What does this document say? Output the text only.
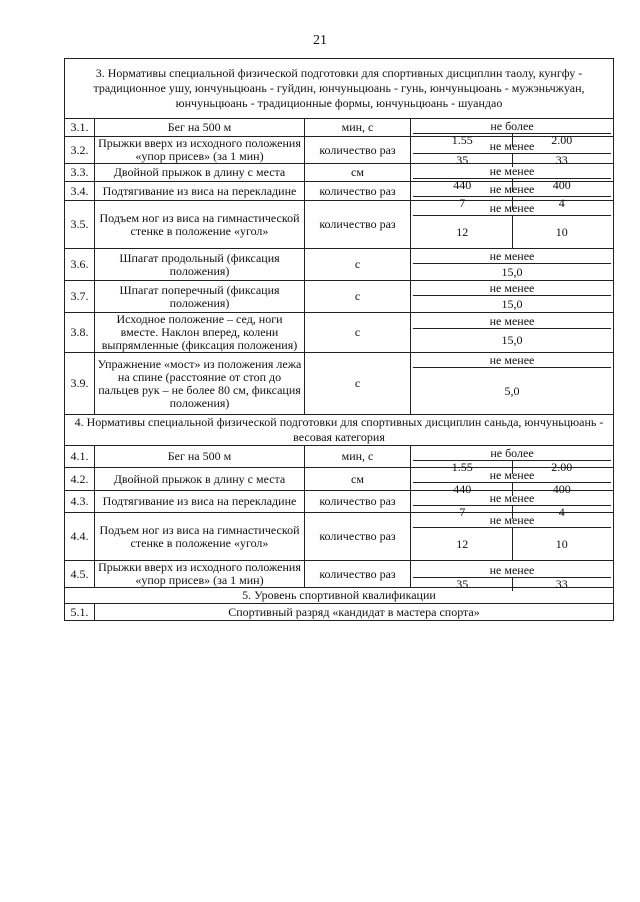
21
3. Нормативы специальной физической подготовки для спортивных дисциплин таолу, кунгфу - традиционное ушу, юнчуньцюань - гуйдин, юнчуньцюань - гунь, юнчуньцюань - мужэньчжуан, юнчуньцюань - традиционные формы, юнчуньцюань - шуандао			
3.1.	Бег на 500 м	мин, с	не более
1.55 2.00

3.2.	Прыжки вверх из исходного положения «упор присев» (за 1 мин)	количество раз	не менее
35 33

3.3.	Двойной прыжок в длину с места	см	не менее
440 400

3.4.	Подтягивание из виса на перекладине	количество раз	не менее
7 4

3.5.	Подъем ног из виса на гимнастической стенке в положение «угол»	количество раз	не менее
12 10

3.6.	Шпагат продольный (фиксация положения)	с	не менее
15,0

3.7.	Шпагат поперечный (фиксация положения)	с	не менее
15,0

3.8.	Исходное положение – сед, ноги вместе. Наклон вперед, колени выпрямленные (фиксация положения)	с	не менее
15,0

3.9.	Упражнение «мост» из положения лежа на спине (расстояние от стоп до пальцев рук – не более 80 см, фиксация положения)	с	не менее
5,0

4. Нормативы специальной физической подготовки для спортивных дисциплин саньда, юнчуньцюань - весовая категория			
4.1.	Бег на 500 м	мин, с	не более
1.55 2.00

4.2.	Двойной прыжок в длину с места	см	не менее
440 400

4.3.	Подтягивание из виса на перекладине	количество раз	не менее
7 4

4.4.	Подъем ног из виса на гимнастической стенке в положение «угол»	количество раз	не менее
12 10

4.5.	Прыжки вверх из исходного положения «упор присев» (за 1 мин)	количество раз	не менее
35 33

5. Уровень спортивной квалификации			
5.1.	Спортивный разряд «кандидат в мастера спорта»		
